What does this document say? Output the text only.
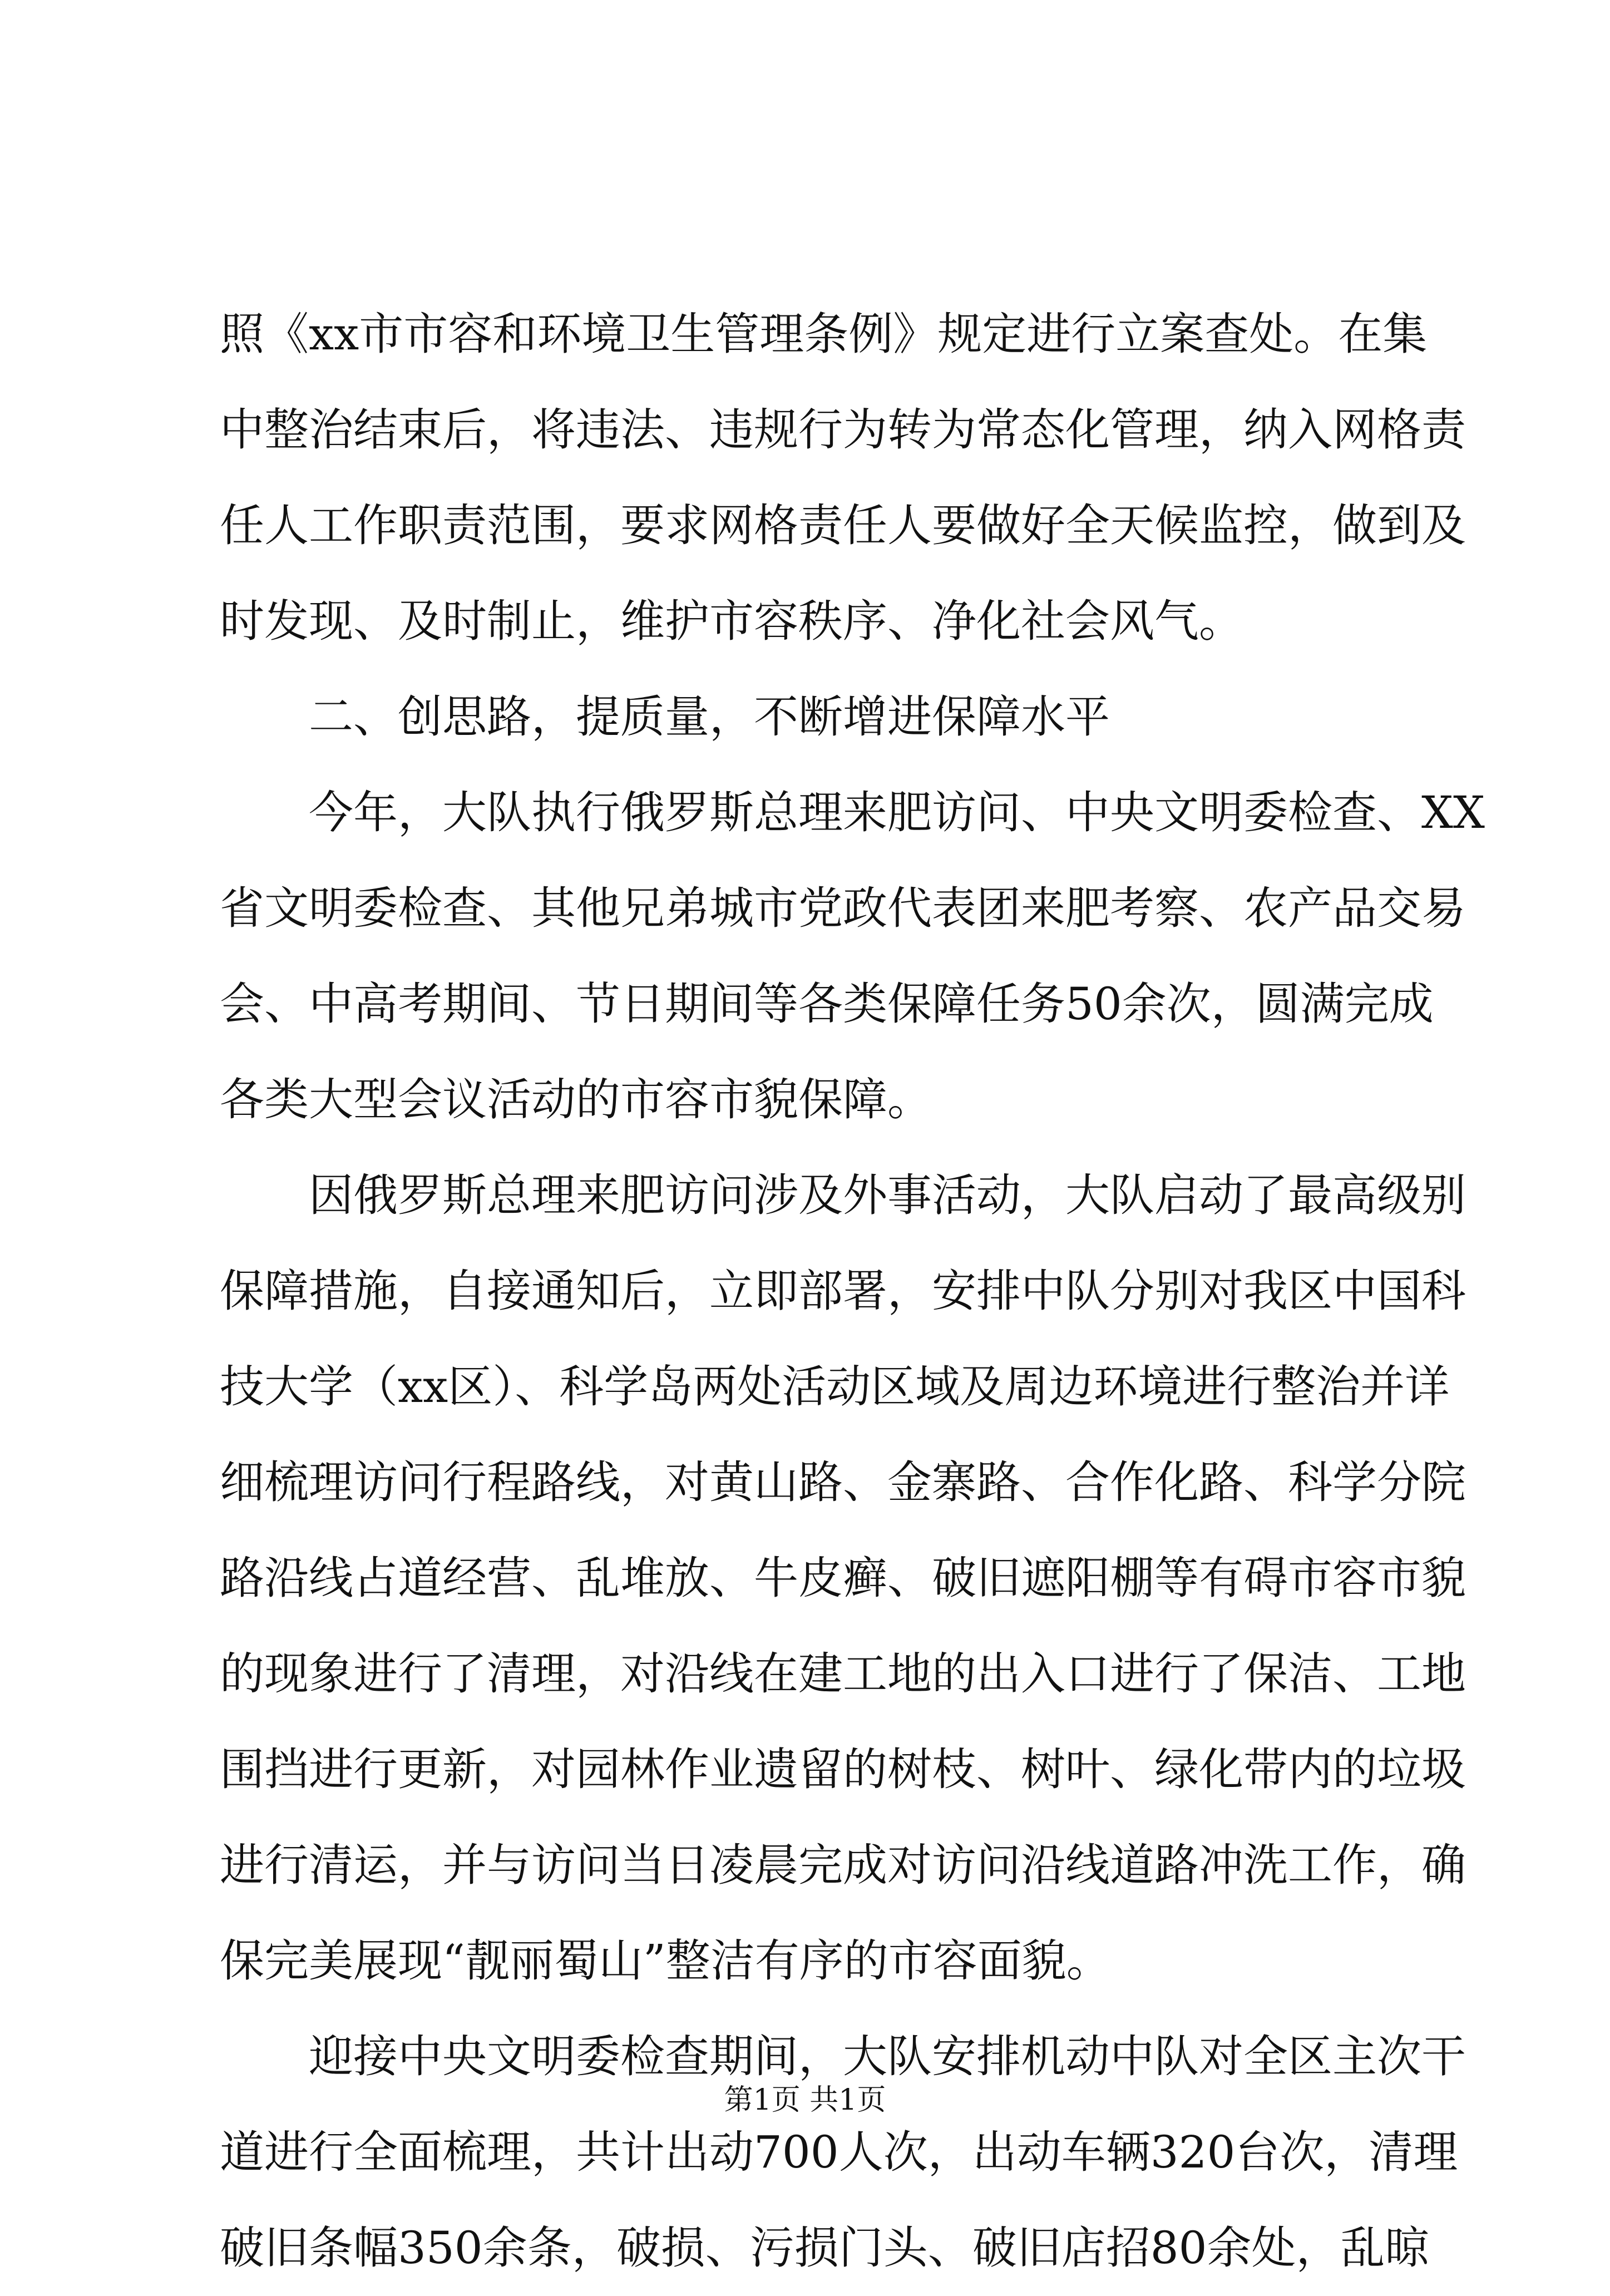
照《xx市市容和环境卫生管理条例》规定进行立案查处。在集
中整治结束后，将违法、违规行为转为常态化管理，纳入网格责
任人工作职责范围，要求网格责任人要做好全天候监控，做到及
时发现、及时制止，维护市容秩序、净化社会风气。
二、创思路，提质量，不断增进保障水平
今年，大队执行俄罗斯总理来肥访问、中央文明委检查、XX
省文明委检查、其他兄弟城市党政代表团来肥考察、农产品交易
会、中高考期间、节日期间等各类保障任务50余次，圆满完成
各类大型会议活动的市容市貌保障。
因俄罗斯总理来肥访问涉及外事活动，大队启动了最高级别
保障措施，自接通知后，立即部署，安排中队分别对我区中国科
技大学（xx区）、科学岛两处活动区域及周边环境进行整治并详
细梳理访问行程路线，对黄山路、金寨路、合作化路、科学分院
路沿线占道经营、乱堆放、牛皮癣、破旧遮阳棚等有碍市容市貌
的现象进行了清理，对沿线在建工地的出入口进行了保洁、工地
围挡进行更新，对园林作业遗留的树枝、树叶、绿化带内的垃圾
进行清运，并与访问当日凌晨完成对访问沿线道路冲洗工作，确
保完美展现“靓丽蜀山”整洁有序的市容面貌。
迎接中央文明委检查期间，大队安排机动中队对全区主次干
道进行全面梳理，共计出动700人次，出动车辆320台次，清理
破旧条幅350余条，破损、污损门头、破旧店招80余处，乱晾
第1页 共1页
